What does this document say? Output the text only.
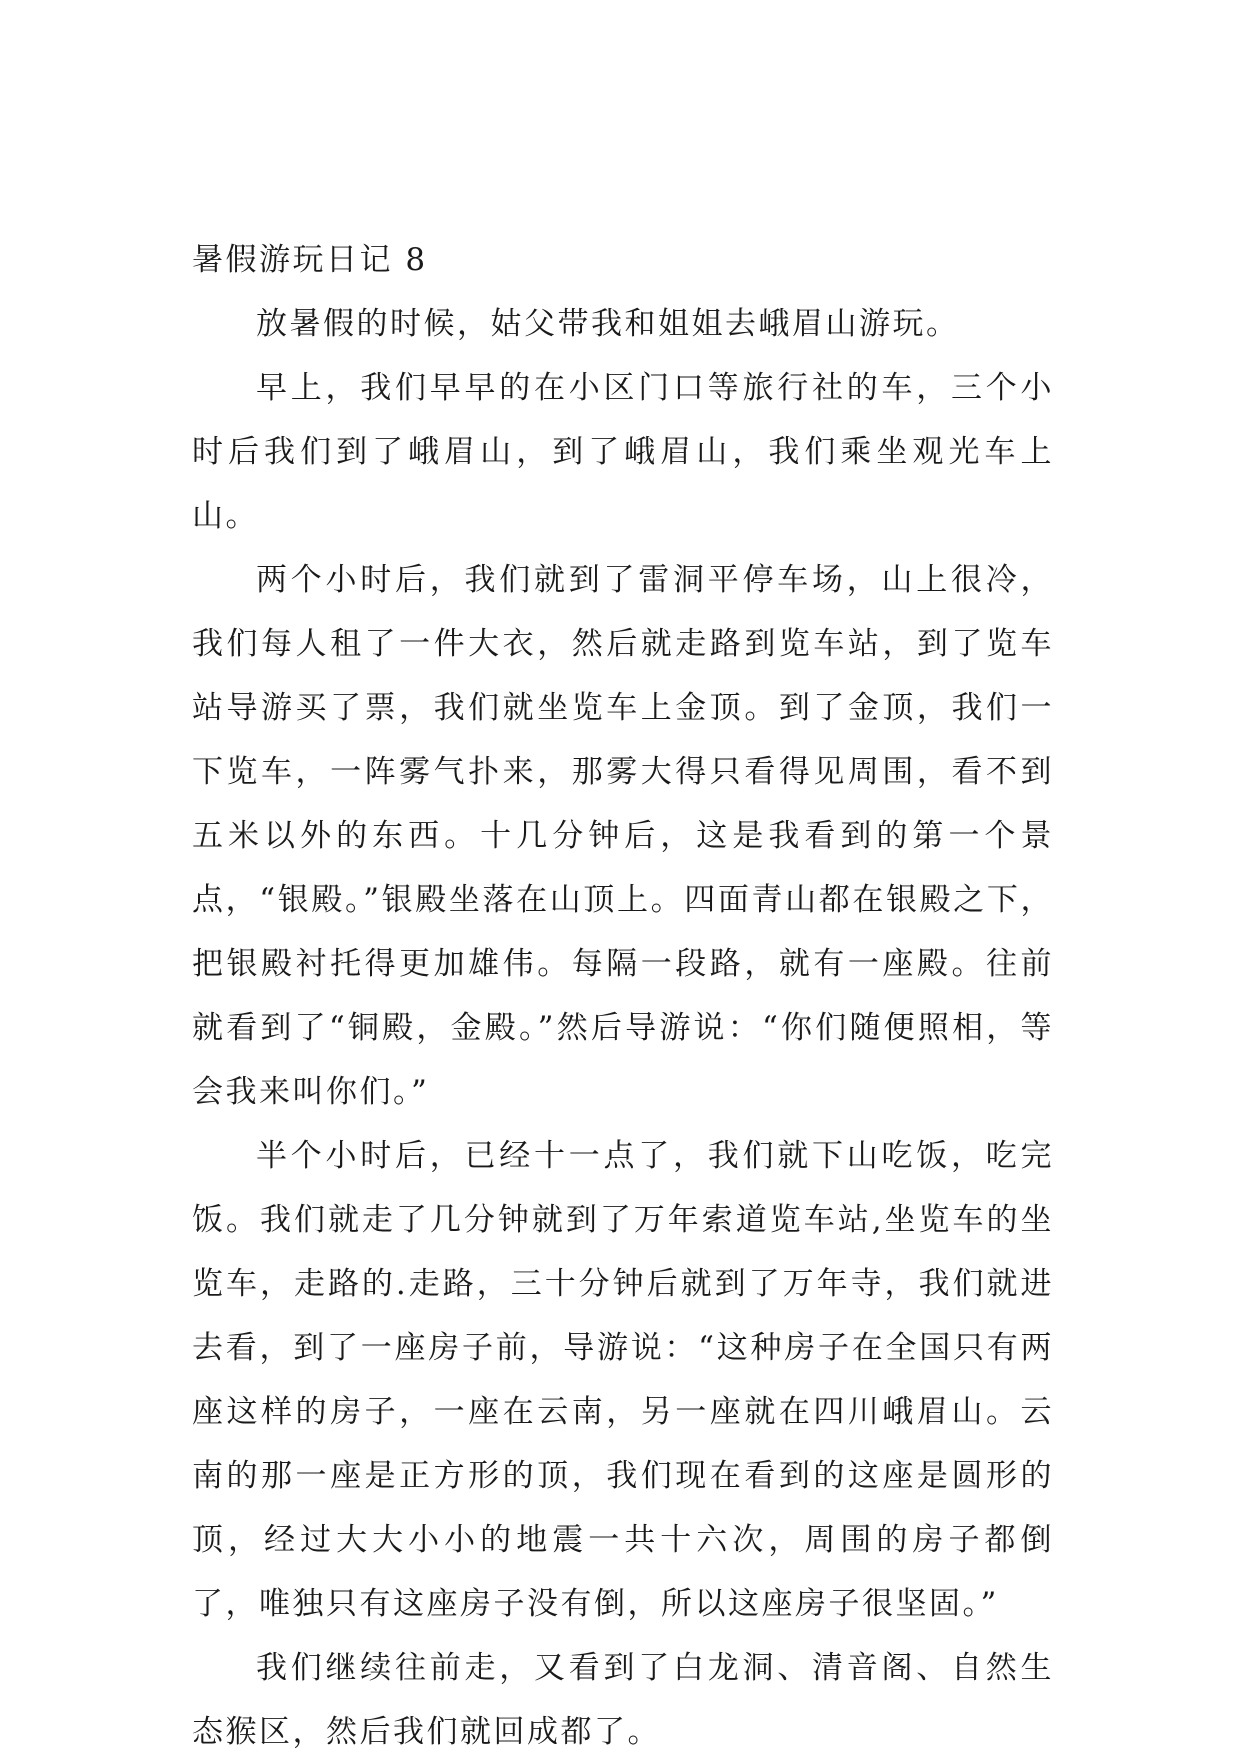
暑假游玩日记 8

放暑假的时候，姑父带我和姐姐去峨眉山游玩。

早上，我们早早的在小区门口等旅行社的车，三个小时后我们到了峨眉山，到了峨眉山，我们乘坐观光车上山。

两个小时后，我们就到了雷洞平停车场，山上很冷，我们每人租了一件大衣，然后就走路到览车站，到了览车站导游买了票，我们就坐览车上金顶。到了金顶，我们一下览车，一阵雾气扑来，那雾大得只看得见周围，看不到五米以外的东西。十几分钟后，这是我看到的第一个景点，“银殿。”银殿坐落在山顶上。四面青山都在银殿之下，把银殿衬托得更加雄伟。每隔一段路，就有一座殿。往前就看到了“铜殿，金殿。”然后导游说：“你们随便照相，等会我来叫你们。”

半个小时后，已经十一点了，我们就下山吃饭，吃完饭。我们就走了几分钟就到了万年索道览车站,坐览车的坐览车，走路的.走路，三十分钟后就到了万年寺，我们就进去看，到了一座房子前，导游说：“这种房子在全国只有两座这样的房子，一座在云南，另一座就在四川峨眉山。云南的那一座是正方形的顶，我们现在看到的这座是圆形的顶，经过大大小小的地震一共十六次，周围的房子都倒了，唯独只有这座房子没有倒，所以这座房子很坚固。”

我们继续往前走，又看到了白龙洞、清音阁、自然生态猴区，然后我们就回成都了。
